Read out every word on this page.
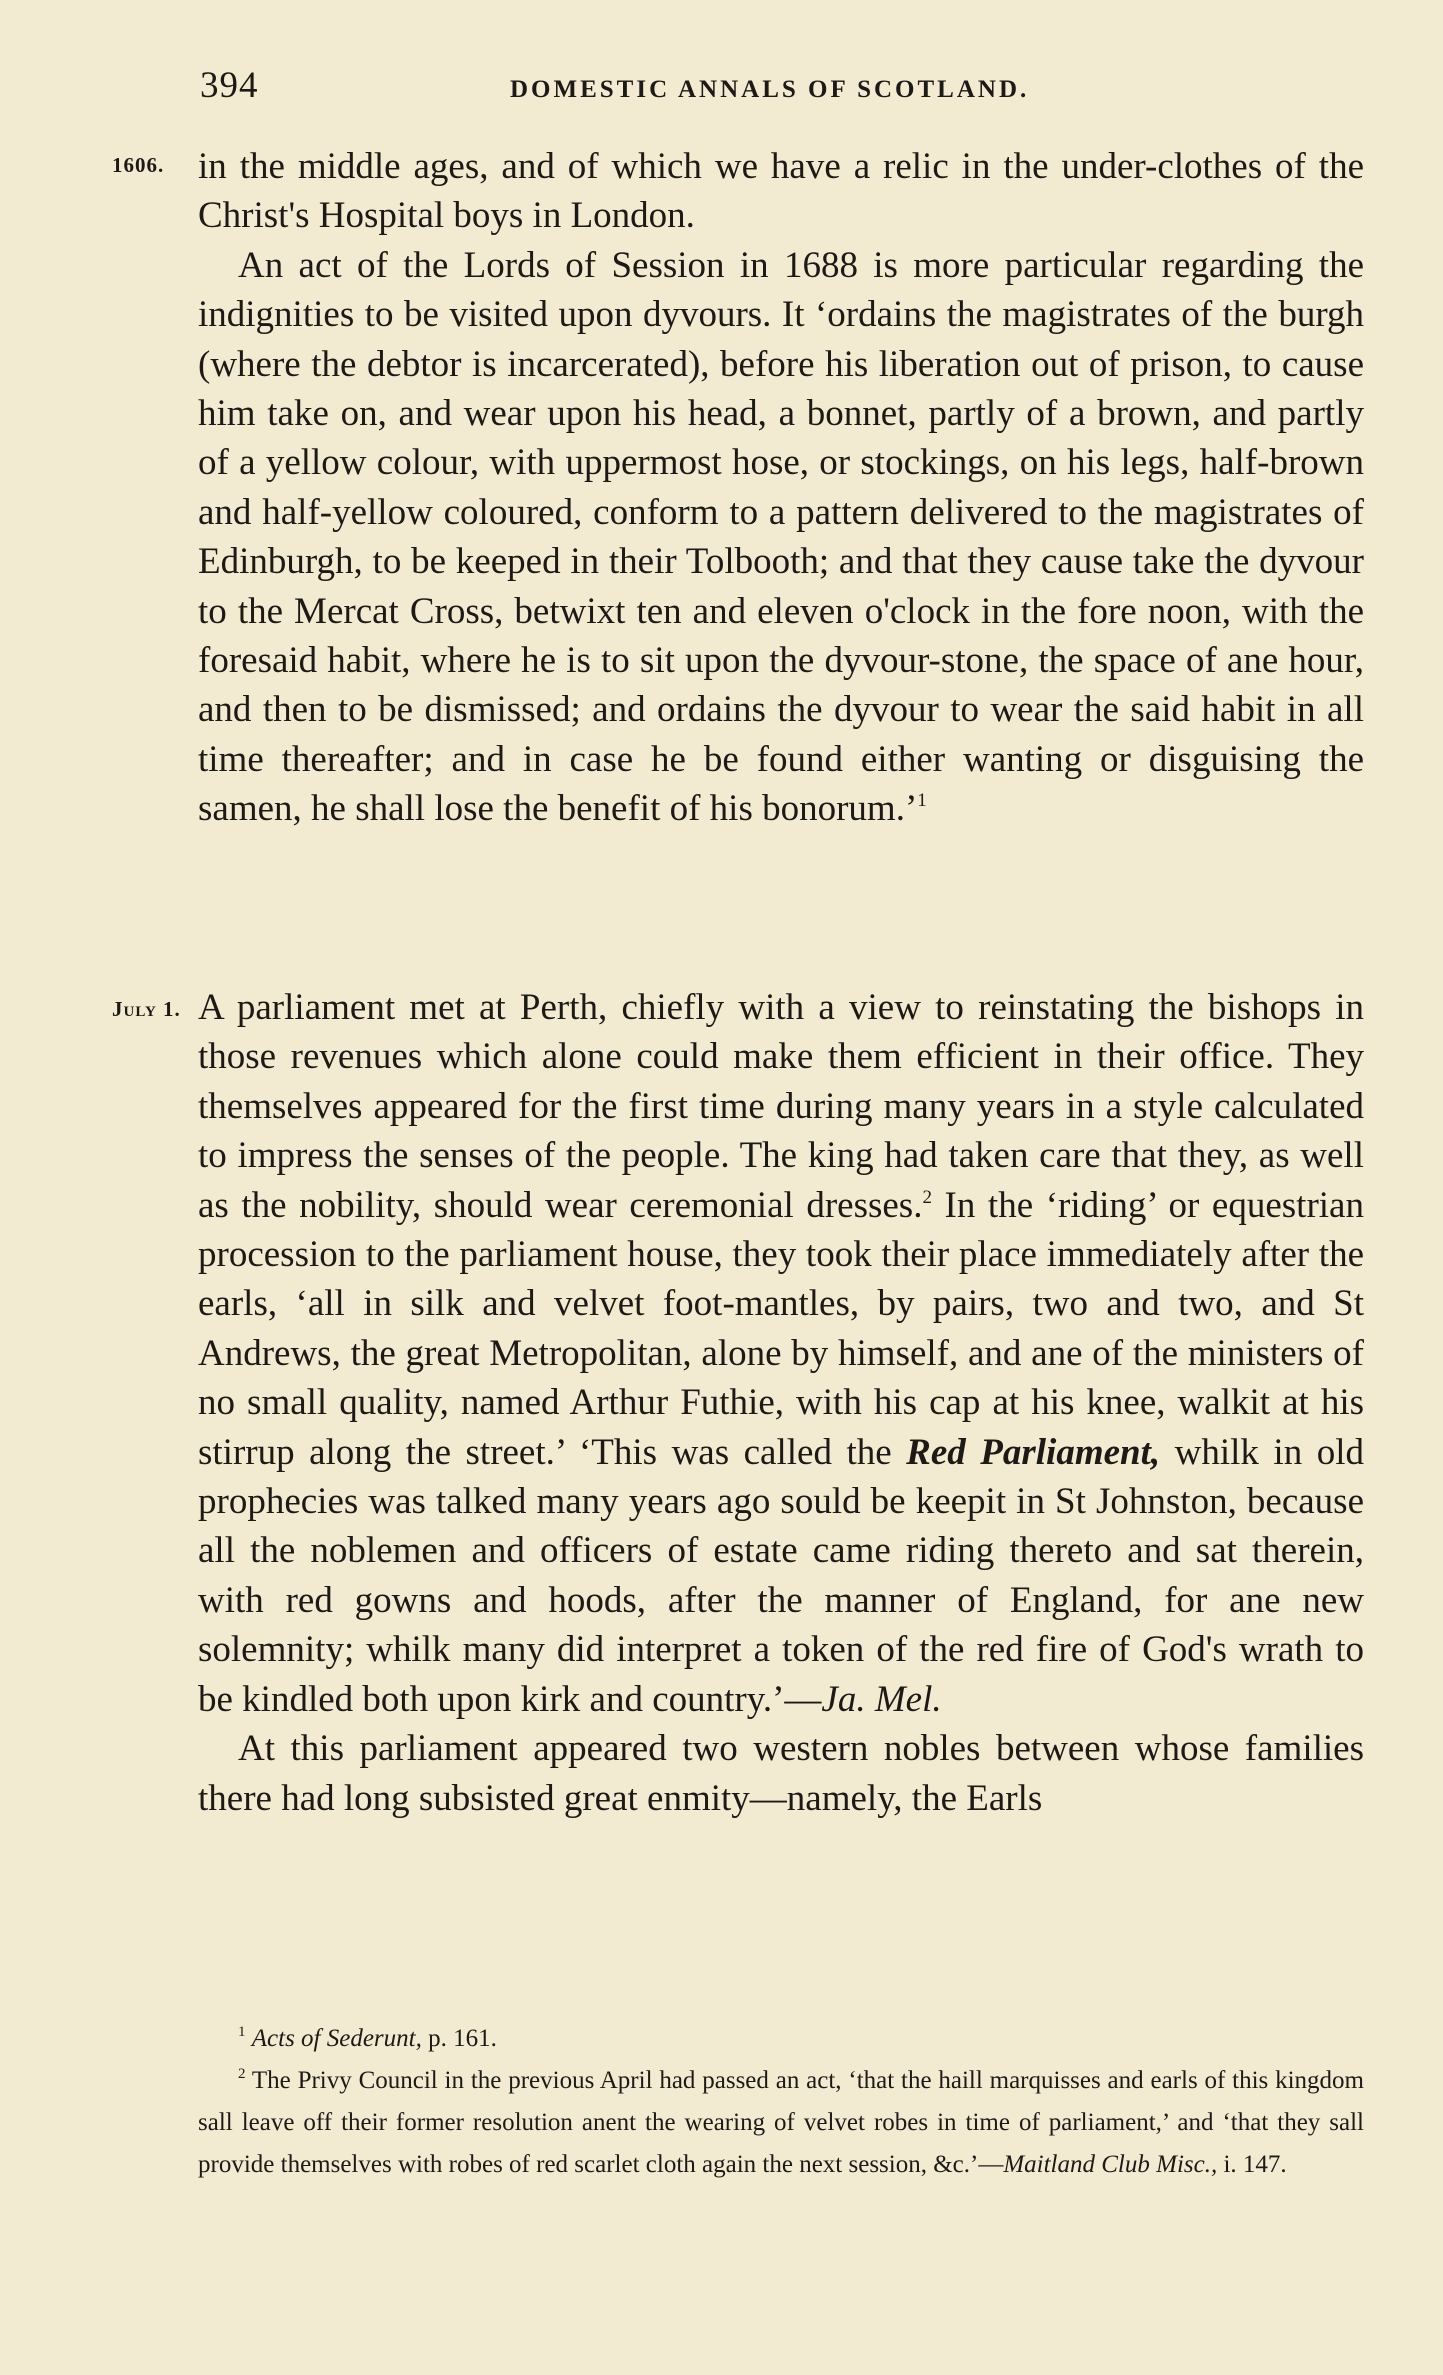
394	DOMESTIC ANNALS OF SCOTLAND.
1606.
July 1.

in the middle ages, and of which we have a relic in the under-clothes of the Christ's Hospital boys in London.

An act of the Lords of Session in 1688 is more particular regarding the indignities to be visited upon dyvours. It ‘ordains the magistrates of the burgh (where the debtor is incarcerated), before his liberation out of prison, to cause him take on, and wear upon his head, a bonnet, partly of a brown, and partly of a yellow colour, with uppermost hose, or stockings, on his legs, half-brown and half-yellow coloured, conform to a pattern delivered to the magistrates of Edinburgh, to be keeped in their Tolbooth; and that they cause take the dyvour to the Mercat Cross, betwixt ten and eleven o'clock in the fore noon, with the foresaid habit, where he is to sit upon the dyvour-stone, the space of ane hour, and then to be dismissed; and ordains the dyvour to wear the said habit in all time thereafter; and in case he be found either wanting or disguising the samen, he shall lose the benefit of his bonorum.’$^1$

A parliament met at Perth, chiefly with a view to reinstating the bishops in those revenues which alone could make them efficient in their office. They themselves appeared for the first time during many years in a style calculated to impress the senses of the people. The king had taken care that they, as well as the nobility, should wear ceremonial dresses.$^2$ In the ‘riding’ or equestrian procession to the parliament house, they took their place immediately after the earls, ‘all in silk and velvet foot-mantles, by pairs, two and two, and St Andrews, the great Metropolitan, alone by himself, and ane of the ministers of no small quality, named Arthur Futhie, with his cap at his knee, walkit at his stirrup along the street.’ ‘This was called the Red Parliament, whilk in old prophecies was talked many years ago sould be keepit in St Johnston, because all the noblemen and officers of estate came riding thereto and sat therein, with red gowns and hoods, after the manner of England, for ane new solemnity; whilk many did interpret a token of the red fire of God's wrath to be kindled both upon kirk and country.’—Ja. Mel.

At this parliament appeared two western nobles between whose families there had long subsisted great enmity—namely, the Earls

$^1$ Acts of Sederunt, p. 161.

$^2$ The Privy Council in the previous April had passed an act, ‘that the haill marquisses and earls of this kingdom sall leave off their former resolution anent the wearing of velvet robes in time of parliament,’ and ‘that they sall provide themselves with robes of red scarlet cloth again the next session, &c.’—Maitland Club Misc., i. 147.
